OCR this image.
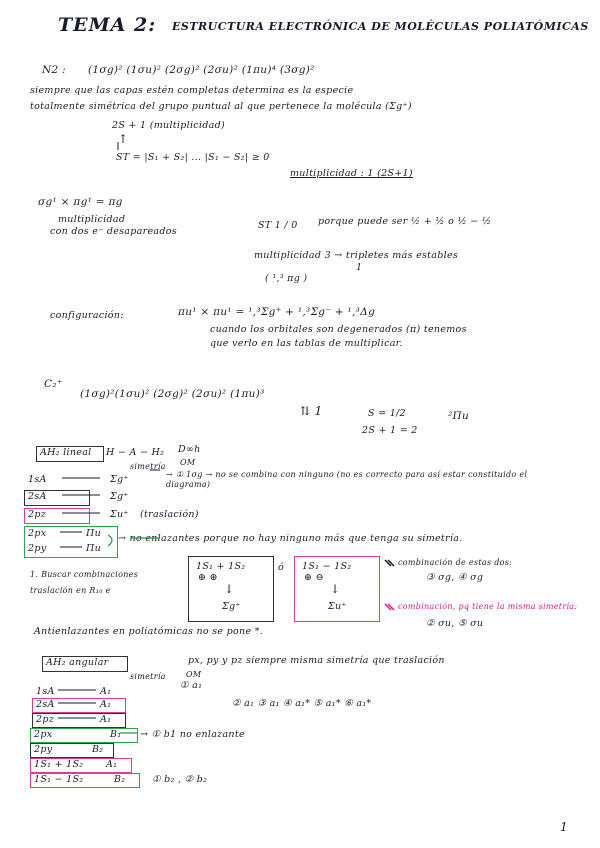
TEMA 2: ESTRUCTURA ELECTRÓNICA DE MOLÉCULAS POLIATÓMICAS
N2 : (1σg)² (1σu)² (2σg)² (2σu)² (1πu)⁴ (3σg)²
siempre que las capas estén completas determina es la especie
totalmente simétrica del grupo puntual al que pertenece la molécula (Σg⁺)
2S + 1 (multiplicidad)
↑
ST = |S₁ + S₂| ... |S₁ − S₂| ≥ 0
multiplicidad : 1 (2S+1)
σg¹ × πg¹ = πg
multiplicidad
con dos e⁻ desapareados
ST 1 / 0 porque puede ser ½ + ½ o ½ − ½
multiplicidad 3 → tripletes más estables
1
( ¹,³ πg )
configuración:	πu¹ × πu¹ = ¹,³Σg⁺ + ¹,³Σg⁻ + ¹,³Δg
cuando los orbitales son degenerados (π) tenemos
que verlo en las tablas de multiplicar.
C₂⁺
(1σg)²(1σu)² (2σg)² (2σu)² (1πu)³
⇅ 1	S = 1/2
2S + 1 = 2
²Πu
AH₂ lineal H − A − H₂ D∞h
simetría OM
1sA	Σg⁺	→ ① 1σg → no se combina con ninguno (no es correcto para así estar constituido el diagrama)
2sA	Σg⁺
2pz	Σu⁺ (traslación)
2px	Πu
2py	Πu
→ no enlazantes porque no hay ninguno más que tenga su simetría.
1. Buscar combinaciones
traslación en R₁₀ e
1S₁ + 1S₂
⊕ ⊕
↓
Σg⁺
ó 1S₁ − 1S₂
⊕ ⊖
↓
Σu⁺
combinación de estas dos:
③ σg, ④ σg
combinación, pq tiene la misma simetría:
② σu, ⑤ σu
Antienlazantes en poliatómicas no se pone *.
AH₂ angular	px, py y pz siempre misma simetría que traslación
simetría	OM
1sA	A₁
① a₁
2sA	A₁	② a₁ ③ a₁ ④ a₁* ⑤ a₁* ⑥ a₁*
2pz	A₁
2px	B₁ → ① b1 no enlazante
2py	B₂
1S₁ + 1S₂ A₁
1S₁ − 1S₂	B₂	① b₂ , ② b₂
1
